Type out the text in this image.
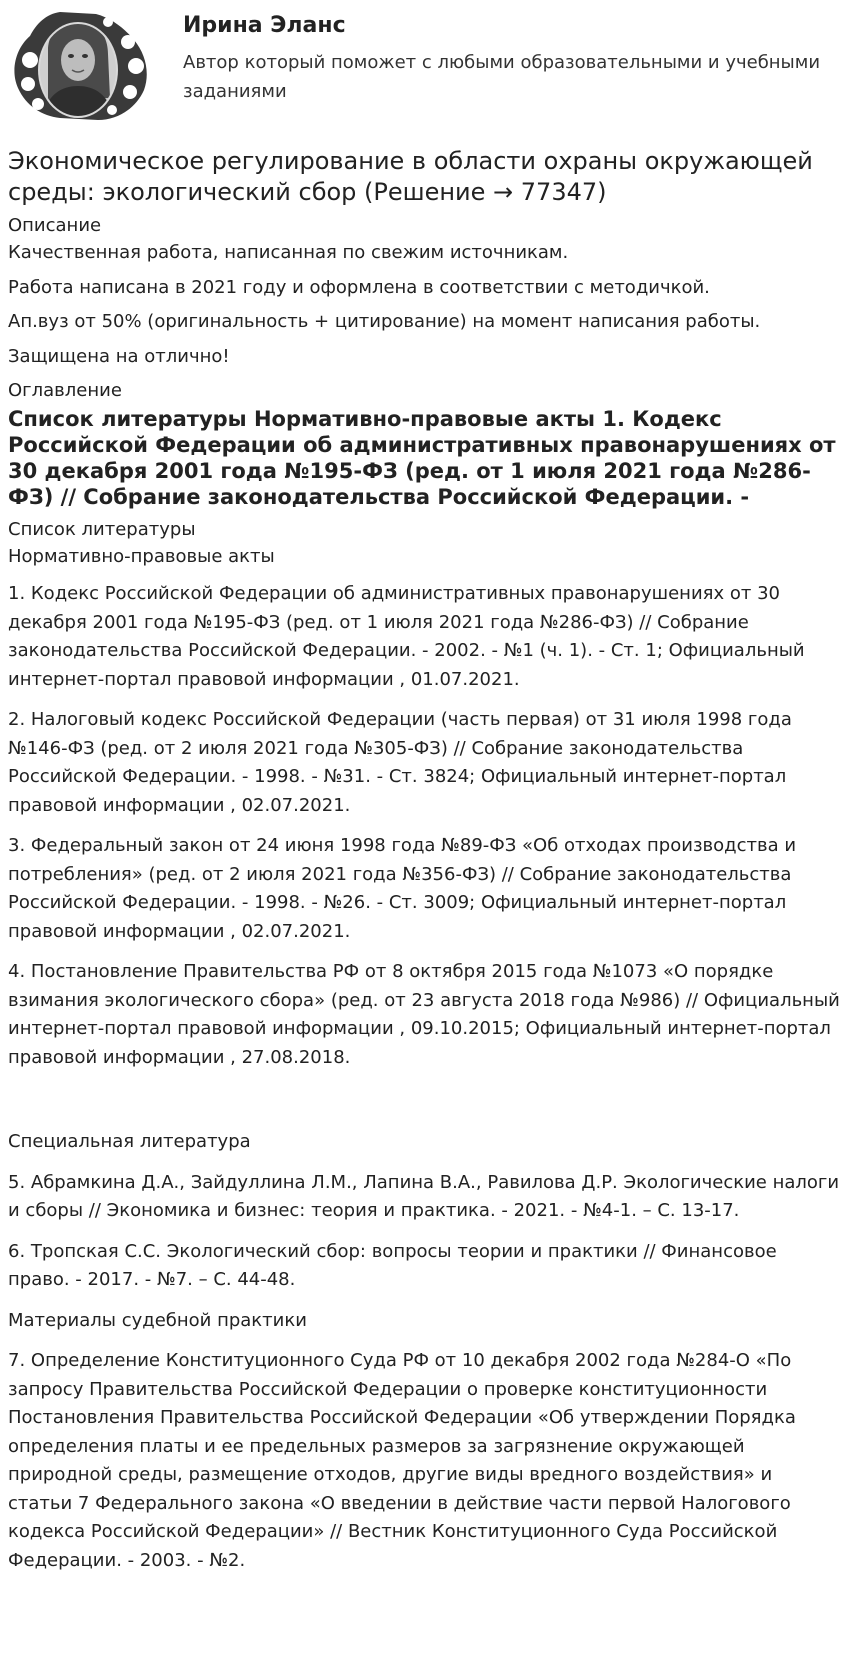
Ирина Эланс
Автор который поможет с любыми образовательными и учебными заданиями
Экономическое регулирование в области охраны окружающей среды: экологический сбор (Решение → 77347)
Описание

Качественная работа, написанная по свежим источникам.

Работа написана в 2021 году и оформлена в соответствии с методичкой.

Ап.вуз от 50% (оригинальность + цитирование) на момент написания работы.

Защищена на отлично!

Оглавление
Список литературы Нормативно-правовые акты 1. Кодекс Российской Федерации об административных правонарушениях от 30 декабря 2001 года №195-ФЗ (ред. от 1 июля 2021 года №286-ФЗ) // Собрание законодательства Российской Федерации. -
Список литературы
Нормативно-правовые акты

1. Кодекс Российской Федерации об административных правонарушениях от 30 декабря 2001 года №195-ФЗ (ред. от 1 июля 2021 года №286-ФЗ) // Собрание законодательства Российской Федерации. - 2002. - №1 (ч. 1). - Ст. 1; Официальный интернет-портал правовой информации , 01.07.2021.

2. Налоговый кодекс Российской Федерации (часть первая) от 31 июля 1998 года №146-ФЗ (ред. от 2 июля 2021 года №305-ФЗ) // Собрание законодательства Российской Федерации. - 1998. - №31. - Ст. 3824; Официальный интернет-портал правовой информации , 02.07.2021.

3. Федеральный закон от 24 июня 1998 года №89-ФЗ «Об отходах производства и потребления» (ред. от 2 июля 2021 года №356-ФЗ) // Собрание законодательства Российской Федерации. - 1998. - №26. - Ст. 3009; Официальный интернет-портал правовой информации , 02.07.2021.

4. Постановление Правительства РФ от 8 октября 2015 года №1073 «О порядке взимания экологического сбора» (ред. от 23 августа 2018 года №986) // Официальный интернет-портал правовой информации , 09.10.2015; Официальный интернет-портал правовой информации , 27.08.2018.

Специальная литература

5. Абрамкина Д.А., Зайдуллина Л.М., Лапина В.А., Равилова Д.Р. Экологические налоги и сборы // Экономика и бизнес: теория и практика. - 2021. - №4-1. – С. 13-17.

6. Тропская С.С. Экологический сбор: вопросы теории и практики // Финансовое право. - 2017. - №7. – С. 44-48.

Материалы судебной практики

7. Определение Конституционного Суда РФ от 10 декабря 2002 года №284-О «По запросу Правительства Российской Федерации о проверке конституционности Постановления Правительства Российской Федерации «Об утверждении Порядка определения платы и ее предельных размеров за загрязнение окружающей природной среды, размещение отходов, другие виды вредного воздействия» и статьи 7 Федерального закона «О введении в действие части первой Налогового кодекса Российской Федерации» // Вестник Конституционного Суда Российской Федерации. - 2003. - №2.
